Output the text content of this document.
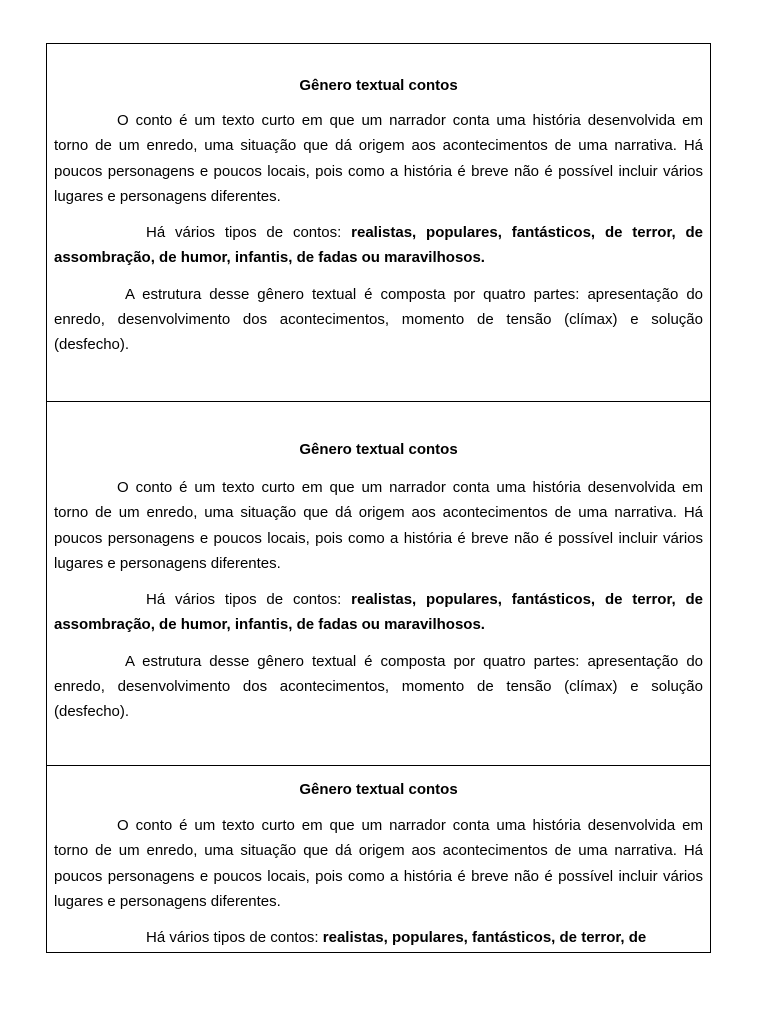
Gênero textual contos

O conto é um texto curto em que um narrador conta uma história desenvolvida em torno de um enredo, uma situação que dá origem aos acontecimentos de uma narrativa. Há poucos personagens e poucos locais, pois como a história é breve não é possível incluir vários lugares e personagens diferentes.

Há vários tipos de contos: realistas, populares, fantásticos, de terror, de assombração, de humor, infantis, de fadas ou maravilhosos.

A estrutura desse gênero textual é composta por quatro partes: apresentação do enredo, desenvolvimento dos acontecimentos, momento de tensão (clímax) e solução (desfecho).

Gênero textual contos

O conto é um texto curto em que um narrador conta uma história desenvolvida em torno de um enredo, uma situação que dá origem aos acontecimentos de uma narrativa. Há poucos personagens e poucos locais, pois como a história é breve não é possível incluir vários lugares e personagens diferentes.

Há vários tipos de contos: realistas, populares, fantásticos, de terror, de assombração, de humor, infantis, de fadas ou maravilhosos.

A estrutura desse gênero textual é composta por quatro partes: apresentação do enredo, desenvolvimento dos acontecimentos, momento de tensão (clímax) e solução (desfecho).

Gênero textual contos

O conto é um texto curto em que um narrador conta uma história desenvolvida em torno de um enredo, uma situação que dá origem aos acontecimentos de uma narrativa. Há poucos personagens e poucos locais, pois como a história é breve não é possível incluir vários lugares e personagens diferentes.

Há vários tipos de contos: realistas, populares, fantásticos, de terror, de
